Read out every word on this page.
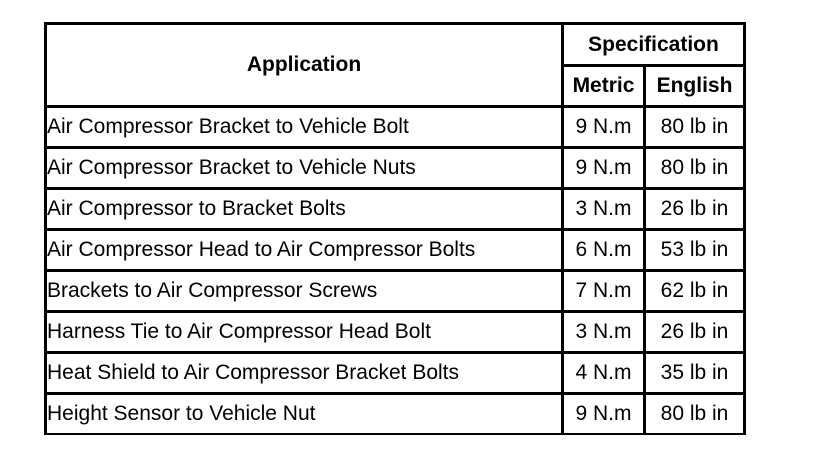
Application	Specification	
	Metric	English
Air Compressor Bracket to Vehicle Bolt	9 N.m	80 lb in
Air Compressor Bracket to Vehicle Nuts	9 N.m	80 lb in
Air Compressor to Bracket Bolts	3 N.m	26 lb in
Air Compressor Head to Air Compressor Bolts	6 N.m	53 lb in
Brackets to Air Compressor Screws	7 N.m	62 lb in
Harness Tie to Air Compressor Head Bolt	3 N.m	26 lb in
Heat Shield to Air Compressor Bracket Bolts	4 N.m	35 lb in
Height Sensor to Vehicle Nut	9 N.m	80 lb in
